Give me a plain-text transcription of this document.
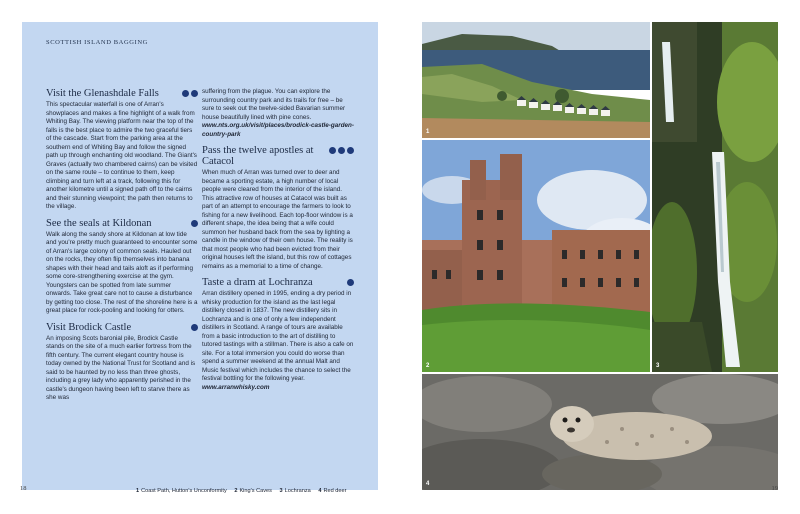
SCOTTISH ISLAND BAGGING
Visit the Glenashdale Falls
This spectacular waterfall is one of Arran's showplaces and makes a fine highlight of a walk from Whiting Bay. The viewing platform near the top of the falls is the best place to admire the two graceful tiers of the cascade. Start from the parking area at the southern end of Whiting Bay and follow the signed path up through enchanting old woodland. The Giant's Graves (actually two chambered cairns) can be visited on the same route – to continue to them, keep climbing and turn left at a track, following this for another kilometre until a signed path off to the cairns and their stunning viewpoint; the path then returns to the village.
See the seals at Kildonan
Walk along the sandy shore at Kildonan at low tide and you're pretty much guaranteed to encounter some of Arran's large colony of common seals. Hauled out on the rocks, they often flip themselves into banana shapes with their head and tails aloft as if performing some core-strengthening exercise at the gym. Youngsters can be spotted from late summer onwards. Take great care not to cause a disturbance by getting too close. The rest of the shoreline here is a great place for rock-pooling and looking for otters.
Visit Brodick Castle
An imposing Scots baronial pile, Brodick Castle stands on the site of a much earlier fortress from the fifth century. The current elegant country house is today owned by the National Trust for Scotland and is said to be haunted by no less than three ghosts, including a grey lady who apparently perished in the castle's dungeon having been left to starve there as she was
suffering from the plague. You can explore the surrounding country park and its trails for free – be sure to seek out the twelve-sided Bavarian summer house beautifully lined with pine cones.
www.nts.org.uk/visit/places/brodick-castle-garden-country-park
Pass the twelve apostles at Catacol
When much of Arran was turned over to deer and became a sporting estate, a high number of local people were cleared from the interior of the island. This attractive row of houses at Catacol was built as part of an attempt to encourage the farmers to look to fishing for a new livelihood. Each top-floor window is a different shape, the idea being that a wife could summon her husband back from the sea by lighting a candle in the window of their own house. The reality is that most people who had been evicted from their original houses left the island, but this row of cottages remains as a memorial to a time of change.
Taste a dram at Lochranza
Arran distillery opened in 1995, ending a dry period in whisky production for the island as the last legal distillery closed in 1837. The new distillery sits in Lochranza and is one of only a few independent distillers in Scotland. A range of tours are available from a basic introduction to the art of distilling to tutored tastings with a stillman. There is also a cafe on site. For a total immersion you could do worse than spend a summer weekend at the annual Malt and Music festival which includes the chance to select the festival bottling for the following year.
www.arranwhisky.com
1 Coast Path, Hutton's Unconformity 2 King's Caves 3 Lochranza 4 Red deer
18
1
2	3
4
19
